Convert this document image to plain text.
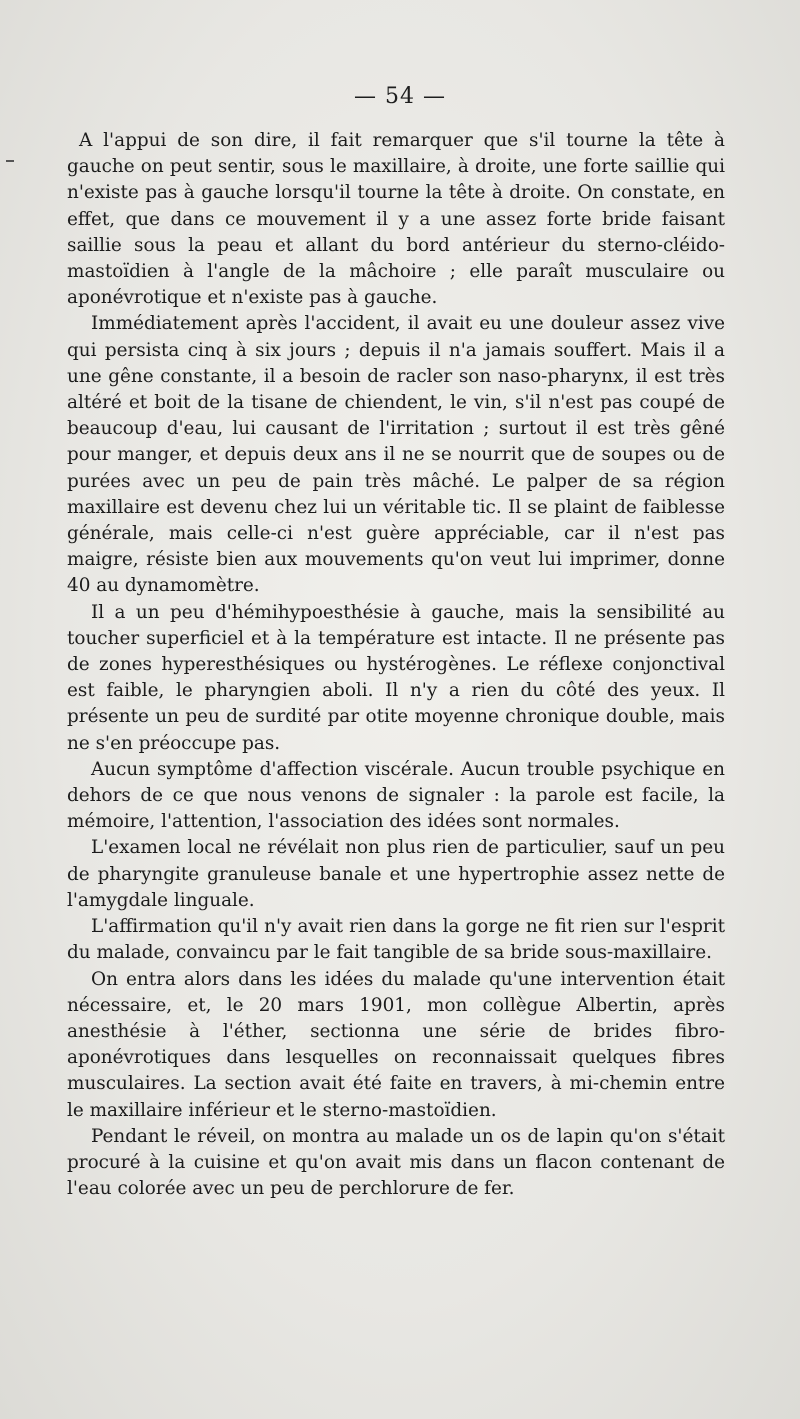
— 54 —

A l'appui de son dire, il fait remarquer que s'il tourne la tête à gauche on peut sentir, sous le maxillaire, à droite, une forte saillie qui n'existe pas à gauche lorsqu'il tourne la tête à droite. On constate, en effet, que dans ce mouvement il y a une assez forte bride faisant saillie sous la peau et allant du bord antérieur du sterno-cléido-mastoïdien à l'angle de la mâchoire ; elle paraît musculaire ou aponévrotique et n'existe pas à gauche.

Immédiatement après l'accident, il avait eu une douleur assez vive qui persista cinq à six jours ; depuis il n'a jamais souffert. Mais il a une gêne constante, il a besoin de racler son naso-pharynx, il est très altéré et boit de la tisane de chiendent, le vin, s'il n'est pas coupé de beaucoup d'eau, lui causant de l'irritation ; surtout il est très gêné pour manger, et depuis deux ans il ne se nourrit que de soupes ou de purées avec un peu de pain très mâché. Le palper de sa région maxillaire est devenu chez lui un véritable tic. Il se plaint de faiblesse générale, mais celle-ci n'est guère appréciable, car il n'est pas maigre, résiste bien aux mouvements qu'on veut lui imprimer, donne 40 au dynamomètre.

Il a un peu d'hémihypoesthésie à gauche, mais la sensibilité au toucher superficiel et à la température est intacte. Il ne présente pas de zones hyperesthésiques ou hystérogènes. Le réflexe conjonctival est faible, le pharyngien aboli. Il n'y a rien du côté des yeux. Il présente un peu de surdité par otite moyenne chronique double, mais ne s'en préoccupe pas.

Aucun symptôme d'affection viscérale. Aucun trouble psychique en dehors de ce que nous venons de signaler : la parole est facile, la mémoire, l'attention, l'association des idées sont normales.

L'examen local ne révélait non plus rien de particulier, sauf un peu de pharyngite granuleuse banale et une hypertrophie assez nette de l'amygdale linguale.

L'affirmation qu'il n'y avait rien dans la gorge ne fit rien sur l'esprit du malade, convaincu par le fait tangible de sa bride sous-maxillaire.

On entra alors dans les idées du malade qu'une intervention était nécessaire, et, le 20 mars 1901, mon collègue Albertin, après anesthésie à l'éther, sectionna une série de brides fibro-aponévrotiques dans lesquelles on reconnaissait quelques fibres musculaires. La section avait été faite en travers, à mi-chemin entre le maxillaire inférieur et le sterno-mastoïdien.

Pendant le réveil, on montra au malade un os de lapin qu'on s'était procuré à la cuisine et qu'on avait mis dans un flacon contenant de l'eau colorée avec un peu de perchlorure de fer.
